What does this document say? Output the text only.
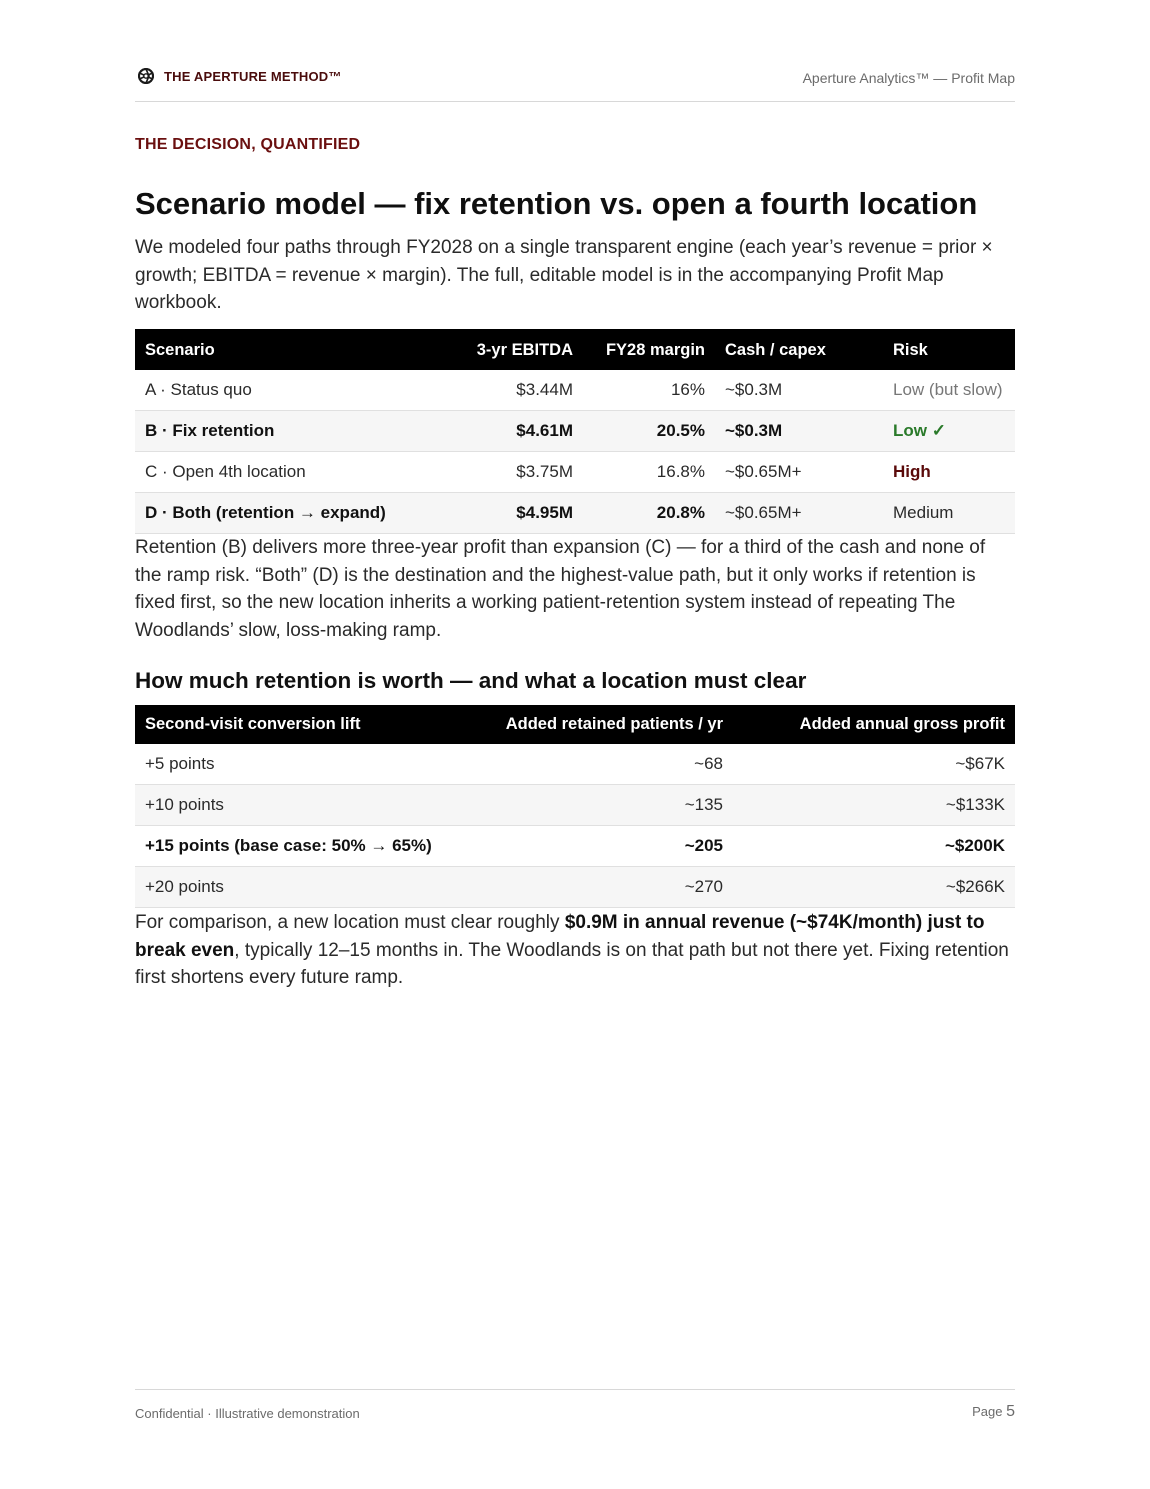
THE APERTURE METHOD™	Aperture Analytics™ — Profit Map
THE DECISION, QUANTIFIED
Scenario model — fix retention vs. open a fourth location

We modeled four paths through FY2028 on a single transparent engine (each year’s revenue = prior × growth; EBITDA = revenue × margin). The full, editable model is in the accompanying Profit Map workbook.

Scenario	3-yr EBITDA	FY28 margin	Cash / capex	Risk
A · Status quo	$3.44M	16%	~$0.3M	Low (but slow)
B · Fix retention	$4.61M	20.5%	~$0.3M	Low ✓
C · Open 4th location	$3.75M	16.8%	~$0.65M+	High
D · Both (retention → expand)	$4.95M	20.8%	~$0.65M+	Medium

Retention (B) delivers more three-year profit than expansion (C) — for a third of the cash and none of the ramp risk. “Both” (D) is the destination and the highest-value path, but it only works if retention is fixed first, so the new location inherits a working patient-retention system instead of repeating The Woodlands’ slow, loss-making ramp.

How much retention is worth — and what a location must clear
Second-visit conversion lift	Added retained patients / yr	Added annual gross profit
+5 points	~68	~$67K
+10 points	~135	~$133K
+15 points (base case: 50% → 65%)	~205	~$200K
+20 points	~270	~$266K

For comparison, a new location must clear roughly $0.9M in annual revenue (~$74K/month) just to break even, typically 12–15 months in. The Woodlands is on that path but not there yet. Fixing retention first shortens every future ramp.

Confidential · Illustrative demonstration	Page 5
